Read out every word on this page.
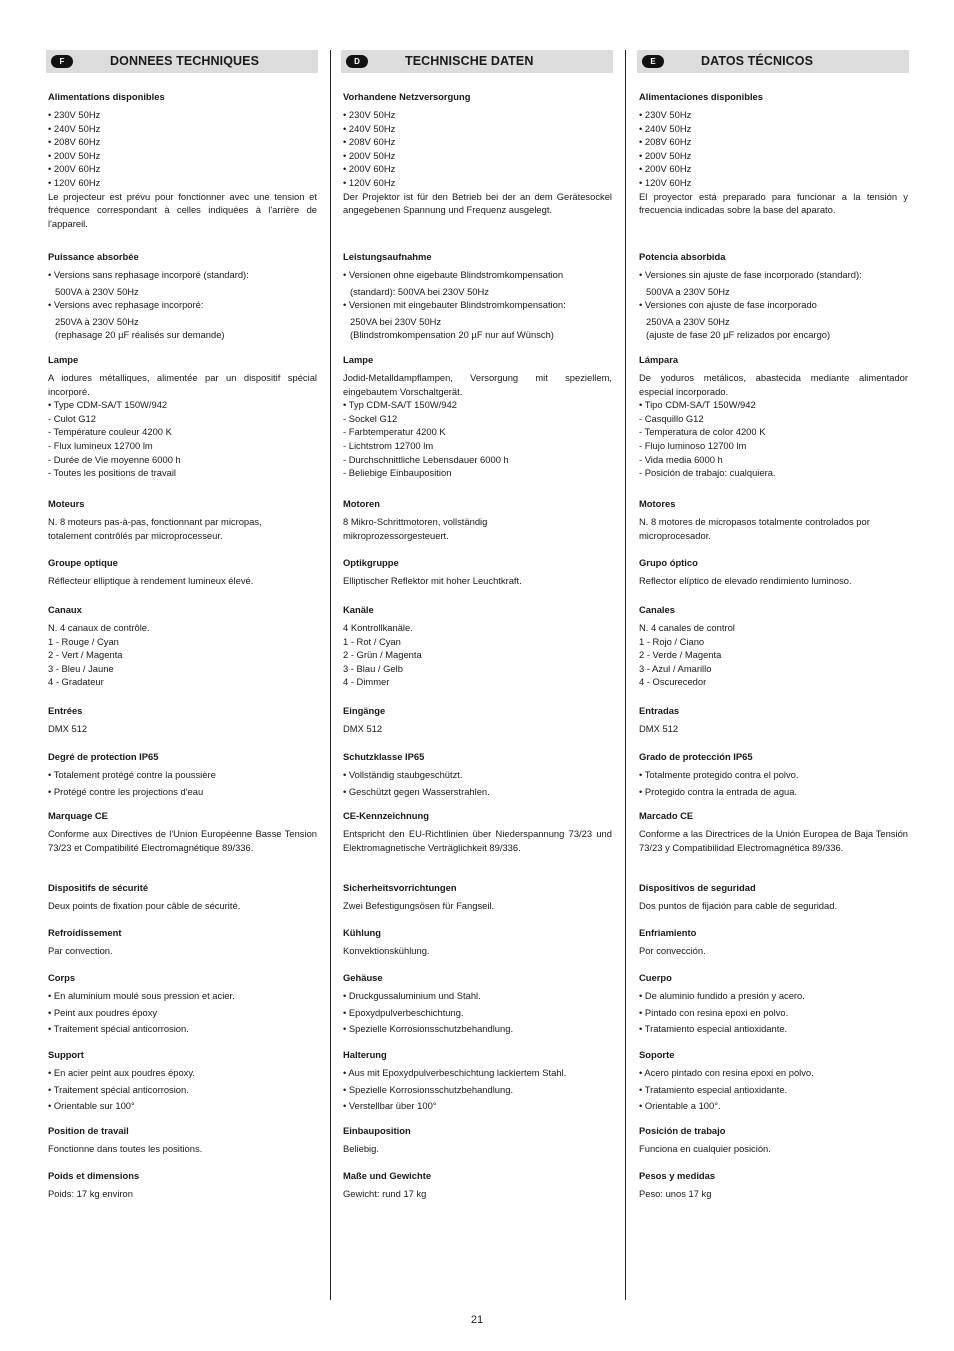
F	DONNEES TECHNIQUES
Alimentations disponibles
• 230V 50Hz
• 240V 50Hz
• 208V 60Hz
• 200V 50Hz
• 200V 60Hz
• 120V 60Hz

Le projecteur est prévu pour fonctionner avec une tension et fréquence correspondant à celles indiquées à l'arrière de l'appareil.

Puissance absorbée
• Versions sans rephasage incorporé (standard):
500VA à 230V 50Hz
• Versions avec rephasage incorporé:
250VA à 230V 50Hz
(rephasage 20 µF réalisés sur demande)
Lampe

A iodures métalliques, alimentée par un dispositif spécial incorporé.

• Type CDM-SA/T 150W/942
- Culot G12
- Température couleur 4200 K
- Flux lumineux 12700 lm
- Durée de Vie moyenne 6000 h
- Toutes les positions de travail
Moteurs
N. 8 moteurs pas-à-pas, fonctionnant par micropas,
totalement contrôlés par microprocesseur.
Groupe optique
Réflecteur elliptique à rendement lumineux élevé.
Canaux
N. 4 canaux de contrôle.
1 - Rouge / Cyan
2 - Vert / Magenta
3 - Bleu / Jaune
4 - Gradateur
Entrées
DMX 512
Degré de protection IP65
• Totalement protégé contre la poussière
• Protégé contre les projections d'eau
Marquage CE

Conforme aux Directives de l'Union Européenne Basse Tension 73/23 et Compatibilité Electromagnétique 89/336.

Dispositifs de sécurité
Deux points de fixation pour câble de sécurité.
Refroidissement
Par convection.
Corps
• En aluminium moulé sous pression et acier.
• Peint aux poudres époxy
• Traitement spécial anticorrosion.
Support
• En acier peint aux poudres époxy.
• Traitement spécial anticorrosion.
• Orientable sur 100°
Position de travail
Fonctionne dans toutes les positions.
Poids et dimensions
Poids: 17 kg environ
D	TECHNISCHE DATEN
Vorhandene Netzversorgung
• 230V 50Hz
• 240V 50Hz
• 208V 60Hz
• 200V 50Hz
• 200V 60Hz
• 120V 60Hz

Der Projektor ist für den Betrieb bei der an dem Gerätesockel angegebenen Spannung und Frequenz ausgelegt.

Leistungsaufnahme
• Versionen ohne eigebaute Blindstromkompensation
(standard): 500VA bei 230V 50Hz
• Versionen mit eingebauter Blindstromkompensation:
250VA bei 230V 50Hz
(Blindstromkompensation 20 µF nur auf Wünsch)
Lampe

Jodid-Metalldampflampen, Versorgung mit speziellem, eingebautem Vorschaltgerät.

• Typ CDM-SA/T 150W/942
- Sockel G12
- Farbtemperatur 4200 K
- Lichtstrom 12700 lm
- Durchschnittliche Lebensdauer 6000 h
- Beliebige Einbauposition
Motoren
8 Mikro-Schrittmotoren, vollständig
mikroprozessorgesteuert.
Optikgruppe
Elliptischer Reflektor mit hoher Leuchtkraft.
Kanäle
4 Kontrollkanäle.
1 - Rot / Cyan
2 - Grün / Magenta
3 - Blau / Gelb
4 - Dimmer
Eingänge
DMX 512
Schutzklasse IP65
• Vollständig staubgeschützt.
• Geschützt gegen Wasserstrahlen.
CE-Kennzeichnung

Entspricht den EU-Richtlinien über Niederspannung 73/23 und Elektromagnetische Verträglichkeit 89/336.

Sicherheitsvorrichtungen
Zwei Befestigungsösen für Fangseil.
Kühlung
Konvektionskühlung.
Gehäuse
• Druckgussaluminium und Stahl.
• Epoxydpulverbeschichtung.
• Spezielle Korrosionsschutzbehandlung.
Halterung
• Aus mit Epoxydpulverbeschichtung lackiertem Stahl.
• Spezielle Korrosionsschutzbehandlung.
• Verstellbar über 100°
Einbauposition
Beliebig.
Maße und Gewichte
Gewicht: rund 17 kg
E	DATOS TÉCNICOS
Alimentaciones disponibles
• 230V 50Hz
• 240V 50Hz
• 208V 60Hz
• 200V 50Hz
• 200V 60Hz
• 120V 60Hz

El proyector está preparado para funcionar a la tensión y frecuencia indicadas sobre la base del aparato.

Potencia absorbida
• Versiones sin ajuste de fase incorporado (standard):
500VA a 230V 50Hz
• Versiones con ajuste de fase incorporado
250VA a 230V 50Hz
(ajuste de fase 20 µF relizados por encargo)
Lámpara

De yoduros metálicos, abastecida mediante alimentador especial incorporado.

• Tipo CDM-SA/T 150W/942
- Casquillo G12
- Temperatura de color 4200 K
- Flujo luminoso 12700 lm
- Vida media 6000 h
- Posición de trabajo: cualquiera.
Motores
N. 8 motores de micropasos totalmente controlados por
microprocesador.
Grupo óptico
Reflector elíptico de elevado rendimiento luminoso.
Canales
N. 4 canales de control
1 - Rojo / Ciano
2 - Verde / Magenta
3 - Azul / Amarillo
4 - Oscurecedor
Entradas
DMX 512
Grado de protección IP65
• Totalmente protegido contra el polvo.
• Protegido contra la entrada de agua.
Marcado CE

Conforme a las Directrices de la Unión Europea de Baja Tensión 73/23 y Compatibilidad Electromagnética 89/336.

Dispositivos de seguridad
Dos puntos de fijación para cable de seguridad.
Enfriamiento
Por convección.
Cuerpo
• De aluminio fundido a presión y acero.
• Pintado con resina epoxi en polvo.
• Tratamiento especial antioxidante.
Soporte
• Acero pintado con resina epoxi en polvo.
• Tratamiento especial antioxidante.
• Orientable a 100°.
Posición de trabajo
Funciona en cualquier posición.
Pesos y medidas
Peso: unos 17 kg
21
